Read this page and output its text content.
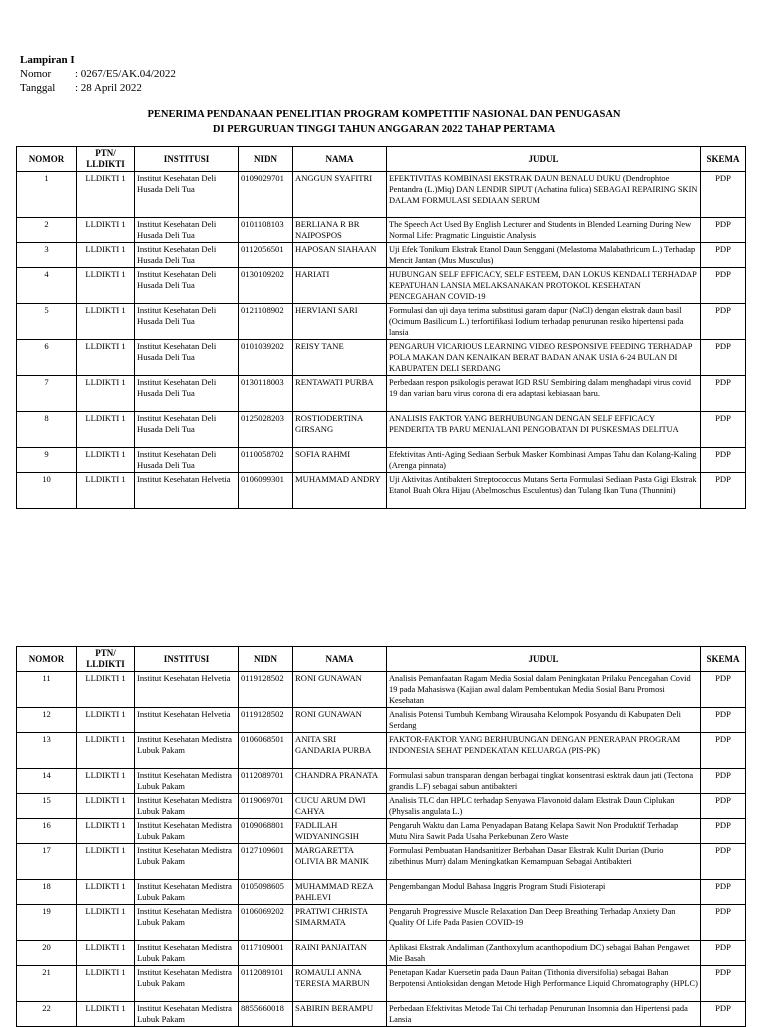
Lampiran I
Nomor	: 0267/E5/AK.04/2022
Tanggal	: 28 April 2022
PENERIMA PENDANAAN PENELITIAN PROGRAM KOMPETITIF NASIONAL DAN PENUGASAN
DI PERGURUAN TINGGI TAHUN ANGGARAN 2022 TAHAP PERTAMA
NOMOR	PTN/ LLDIKTI	INSTITUSI	NIDN	NAMA	JUDUL	SKEMA
1	LLDIKTI 1	Institut Kesehatan Deli Husada Deli Tua	0109029701	ANGGUN SYAFITRI	EFEKTIVITAS KOMBINASI EKSTRAK DAUN BENALU DUKU (Dendrophtoe Pentandra (L.)Miq) DAN LENDIR SIPUT (Achatina fulica) SEBAGAI REPAIRING SKIN DALAM FORMULASI SEDIAAN SERUM	PDP
2	LLDIKTI 1	Institut Kesehatan Deli Husada Deli Tua	0101108103	BERLIANA R BR NAIPOSPOS	The Speech Act Used By English Lecturer and Students in Blended Learning During New Normal Life: Pragmatic Linguistic Analysis	PDP
3	LLDIKTI 1	Institut Kesehatan Deli Husada Deli Tua	0112056501	HAPOSAN SIAHAAN	Uji Efek Tonikum Ekstrak Etanol Daun Senggani (Melastoma Malabathricum L.) Terhadap Mencit Jantan (Mus Musculus)	PDP
4	LLDIKTI 1	Institut Kesehatan Deli Husada Deli Tua	0130109202	HARIATI	HUBUNGAN SELF EFFICACY, SELF ESTEEM, DAN LOKUS KENDALI TERHADAP KEPATUHAN LANSIA MELAKSANAKAN PROTOKOL KESEHATAN PENCEGAHAN COVID-19	PDP
5	LLDIKTI 1	Institut Kesehatan Deli Husada Deli Tua	0121108902	HERVIANI SARI	Formulasi dan uji daya terima substitusi garam dapur (NaCl) dengan ekstrak daun basil (Ocimum Basilicum L.) terfortifikasi Iodium terhadap penurunan resiko hipertensi pada lansia	PDP
6	LLDIKTI 1	Institut Kesehatan Deli Husada Deli Tua	0101039202	REISY TANE	PENGARUH VICARIOUS LEARNING VIDEO RESPONSIVE FEEDING TERHADAP POLA MAKAN DAN KENAIKAN BERAT BADAN ANAK USIA 6-24 BULAN DI KABUPATEN DELI SERDANG	PDP
7	LLDIKTI 1	Institut Kesehatan Deli Husada Deli Tua	0130118003	RENTAWATI PURBA	Perbedaan respon psikologis perawat IGD RSU Sembiring dalam menghadapi virus covid 19 dan varian baru virus corona di era adaptasi kebiasaan baru.	PDP
8	LLDIKTI 1	Institut Kesehatan Deli Husada Deli Tua	0125028203	ROSTIODERTINA GIRSANG	ANALISIS FAKTOR YANG BERHUBUNGAN DENGAN SELF EFFICACY PENDERITA TB PARU MENJALANI PENGOBATAN DI PUSKESMAS DELITUA	PDP
9	LLDIKTI 1	Institut Kesehatan Deli Husada Deli Tua	0110058702	SOFIA RAHMI	Efektivitas Anti-Aging Sediaan Serbuk Masker Kombinasi Ampas Tahu dan Kolang-Kaling (Arenga pinnata)	PDP
10	LLDIKTI 1	Institut Kesehatan Helvetia	0106099301	MUHAMMAD ANDRY	Uji Aktivitas Antibakteri Streptococcus Mutans Serta Formulasi Sediaan Pasta Gigi Ekstrak Etanol Buah Okra Hijau (Abelmoschus Esculentus) dan Tulang Ikan Tuna (Thunnini)	PDP
NOMOR	PTN/ LLDIKTI	INSTITUSI	NIDN	NAMA	JUDUL	SKEMA
11	LLDIKTI 1	Institut Kesehatan Helvetia	0119128502	RONI GUNAWAN	Analisis Pemanfaatan Ragam Media Sosial dalam Peningkatan Prilaku Pencegahan Covid 19 pada Mahasiswa (Kajian awal dalam Pembentukan Media Sosial Baru Promosi Kesehatan	PDP
12	LLDIKTI 1	Institut Kesehatan Helvetia	0119128502	RONI GUNAWAN	Analisis Potensi Tumbuh Kembang Wirausaha Kelompok Posyandu di Kabupaten Deli Serdang	PDP
13	LLDIKTI 1	Institut Kesehatan Medistra Lubuk Pakam	0106068501	ANITA SRI GANDARIA PURBA	FAKTOR-FAKTOR YANG BERHUBUNGAN DENGAN PENERAPAN PROGRAM INDONESIA SEHAT PENDEKATAN KELUARGA (PIS-PK)	PDP
14	LLDIKTI 1	Institut Kesehatan Medistra Lubuk Pakam	0112089701	CHANDRA PRANATA	Formulasi sabun transparan dengan berbagai tingkat konsentrasi esktrak daun jati (Tectona grandis L.F) sebagai sabun antibakteri	PDP
15	LLDIKTI 1	Institut Kesehatan Medistra Lubuk Pakam	0119069701	CUCU ARUM DWI CAHYA	Analisis TLC dan HPLC terhadap Senyawa Flavonoid dalam Ekstrak Daun Ciplukan (Physalis angulata L.)	PDP
16	LLDIKTI 1	Institut Kesehatan Medistra Lubuk Pakam	0109068801	FADLILAH WIDYANINGSIH	Pengaruh Waktu dan Lama Penyadapan Batang Kelapa Sawit Non Produktif Terhadap Mutu Nira Sawit Pada Usaha Perkebunan Zero Waste	PDP
17	LLDIKTI 1	Institut Kesehatan Medistra Lubuk Pakam	0127109601	MARGARETTA OLIVIA BR MANIK	Formulasi Pembuatan Handsanitizer Berbahan Dasar Ekstrak Kulit Durian (Durio zibethinus Murr) dalam Meningkatkan Kemampuan Sebagai Antibakteri	PDP
18	LLDIKTI 1	Institut Kesehatan Medistra Lubuk Pakam	0105098605	MUHAMMAD REZA PAHLEVI	Pengembangan Modul Bahasa Inggris Program Studi Fisioterapi	PDP
19	LLDIKTI 1	Institut Kesehatan Medistra Lubuk Pakam	0106069202	PRATIWI CHRISTA SIMARMATA	Pengaruh Progressive Muscle Relaxation Dan Deep Breathing Terhadap Anxiety Dan Quality Of Life Pada Pasien COVID-19	PDP
20	LLDIKTI 1	Institut Kesehatan Medistra Lubuk Pakam	0117109001	RAINI PANJAITAN	Aplikasi Ekstrak Andaliman (Zanthoxylum acanthopodium DC) sebagai Bahan Pengawet Mie Basah	PDP
21	LLDIKTI 1	Institut Kesehatan Medistra Lubuk Pakam	0112089101	ROMAULI ANNA TERESIA MARBUN	Penetapan Kadar Kuersetin pada Daun Paitan (Tithonia diversifolia) sebagai Bahan Berpotensi Antioksidan dengan Metode High Performance Liquid Chromatography (HPLC)	PDP
22	LLDIKTI 1	Institut Kesehatan Medistra Lubuk Pakam	8855660018	SABIRIN BERAMPU	Perbedaan Efektivitas Metode Tai Chi terhadap Penurunan Insomnia dan Hipertensi pada Lansia	PDP
